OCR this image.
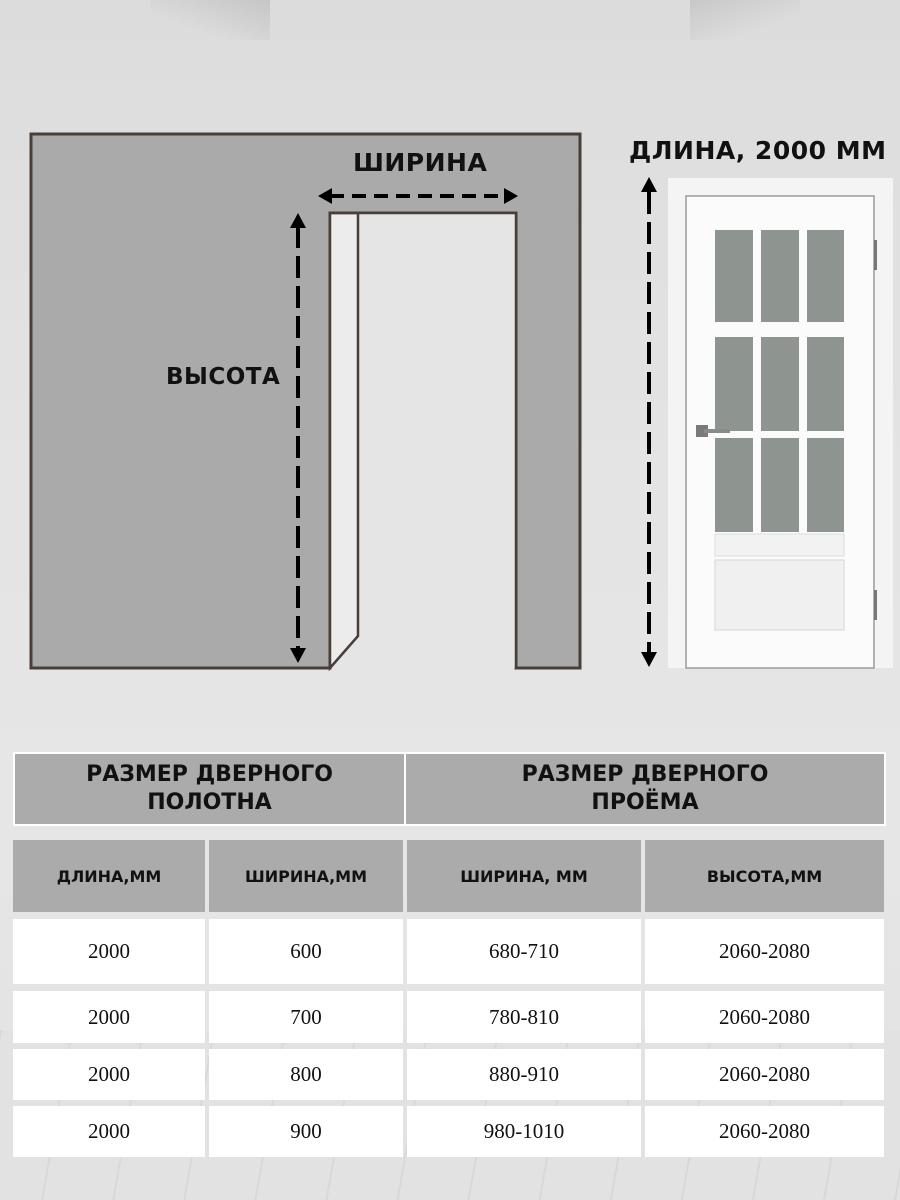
ШИРИНА
ВЫСОТА
ДЛИНА, 2000 ММ
РАЗМЕР ДВЕРНОГО
ПОЛОТНА
РАЗМЕР ДВЕРНОГО
ПРОЁМА
ДЛИНА,ММ	ШИРИНА,ММ	ШИРИНА, ММ	ВЫСОТА,ММ
2000	600	680-710	2060-2080
2000	700	780-810	2060-2080
2000	800	880-910	2060-2080
2000	900	980-1010	2060-2080
